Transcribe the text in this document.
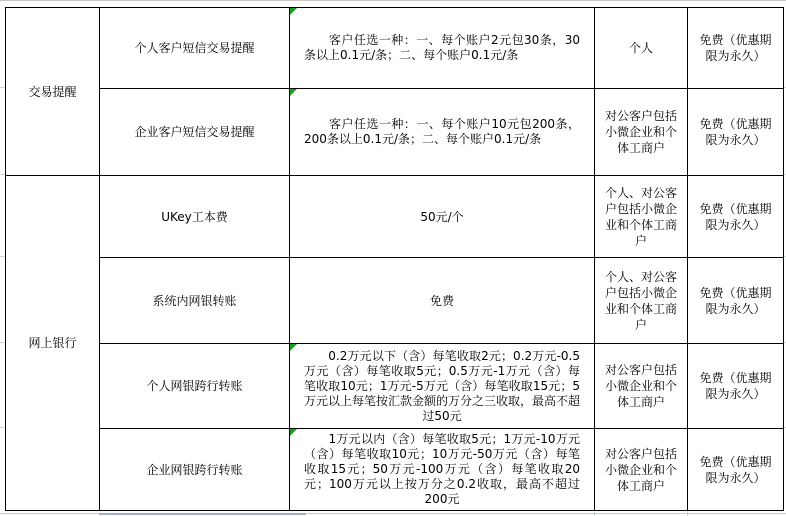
交易提醒	个人客户短信交易提醒	　　客户任选一种：一、每个账户2元包30条，30条以上0.1元/条；二、每个账户0.1元/条	个人	免费（优惠期限为永久）
	企业客户短信交易提醒	　　客户任选一种：一、每个账户10元包200条，200条以上0.1元/条；二、每个账户0.1元/条	对公客户包括小微企业和个体工商户	免费（优惠期限为永久）
网上银行	UKey工本费	50元/个	个人、对公客户包括小微企业和个体工商户	免费（优惠期限为永久）
	系统内网银转账	免费	个人、对公客户包括小微企业和个体工商户	免费（优惠期限为永久）
	个人网银跨行转账	　　0.2万元以下（含）每笔收取2元；0.2万元-0.5万元（含）每笔收取5元；0.5万元-1万元（含）每笔收取10元；1万元-5万元（含）每笔收取15元；5万元以上每笔按汇款金额的万分之三收取，最高不超过50元	对公客户包括小微企业和个体工商户	免费（优惠期限为永久）
	企业网银跨行转账	　　1万元以内（含）每笔收取5元；1万元-10万元（含）每笔收取10元；10万元-50万元（含）每笔收取15元；50万元-100万元（含）每笔收取20元；100万元以上按万分之0.2收取，最高不超过200元	对公客户包括小微企业和个体工商户	免费（优惠期限为永久）
